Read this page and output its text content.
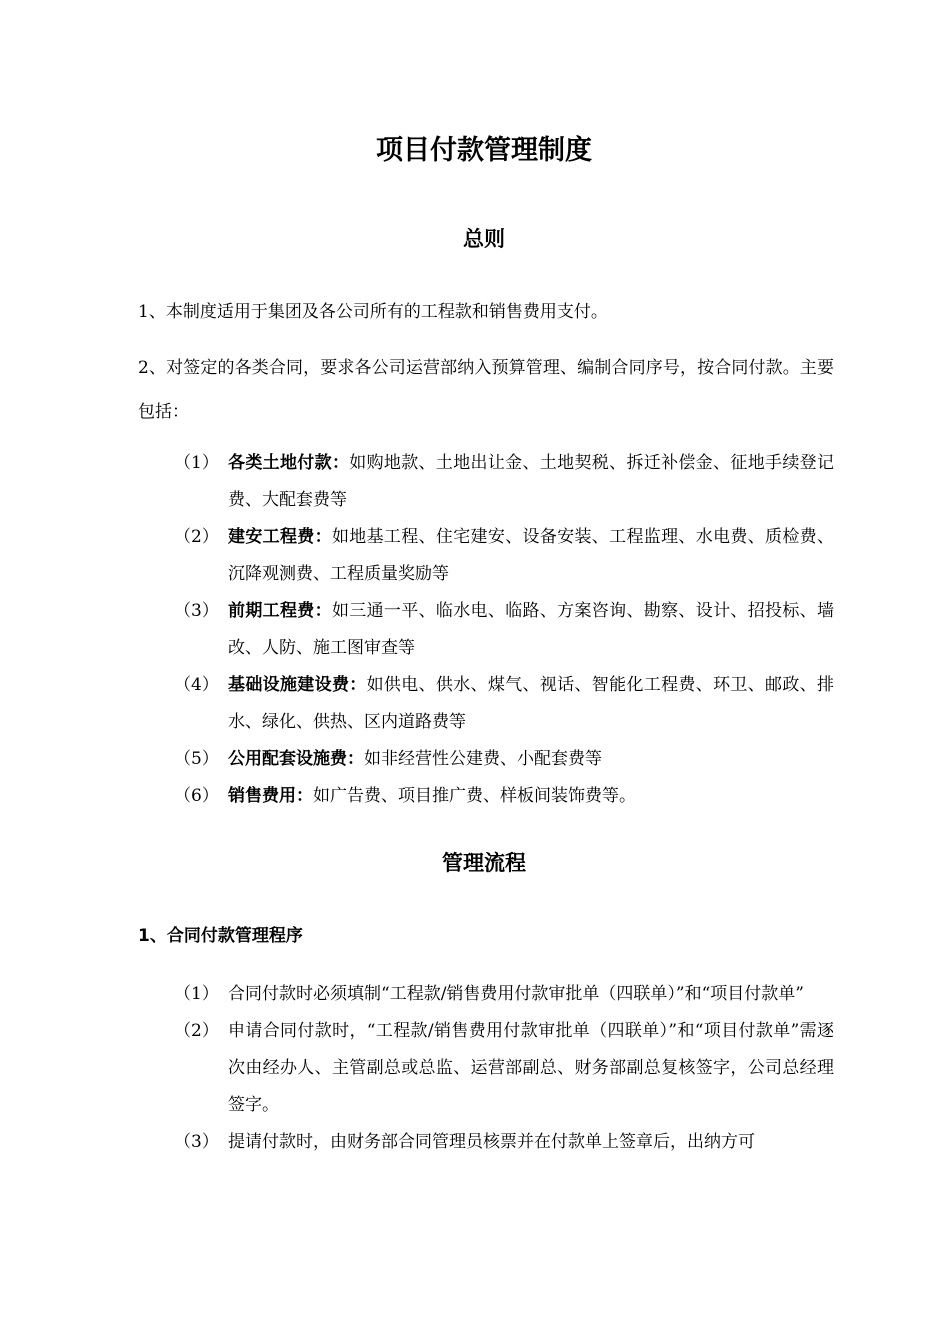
项目付款管理制度
总则

1、本制度适用于集团及各公司所有的工程款和销售费用支付。

2、对签定的各类合同，要求各公司运营部纳入预算管理、编制合同序号，按合同付款。主要包括：

（1） 各类土地付款：如购地款、土地出让金、土地契税、拆迁补偿金、征地手续登记费、大配套费等
（2） 建安工程费：如地基工程、住宅建安、设备安装、工程监理、水电费、质检费、沉降观测费、工程质量奖励等
（3） 前期工程费：如三通一平、临水电、临路、方案咨询、勘察、设计、招投标、墙改、人防、施工图审查等
（4） 基础设施建设费：如供电、供水、煤气、视话、智能化工程费、环卫、邮政、排水、绿化、供热、区内道路费等
（5） 公用配套设施费：如非经营性公建费、小配套费等
（6） 销售费用：如广告费、项目推广费、样板间装饰费等。
管理流程
1、合同付款管理程序
（1） 合同付款时必须填制“工程款/销售费用付款审批单（四联单）”和“项目付款单”
（2） 申请合同付款时，“工程款/销售费用付款审批单（四联单）”和“项目付款单”需逐次由经办人、主管副总或总监、运营部副总、财务部副总复核签字，公司总经理签字。
（3） 提请付款时，由财务部合同管理员核票并在付款单上签章后，出纳方可
